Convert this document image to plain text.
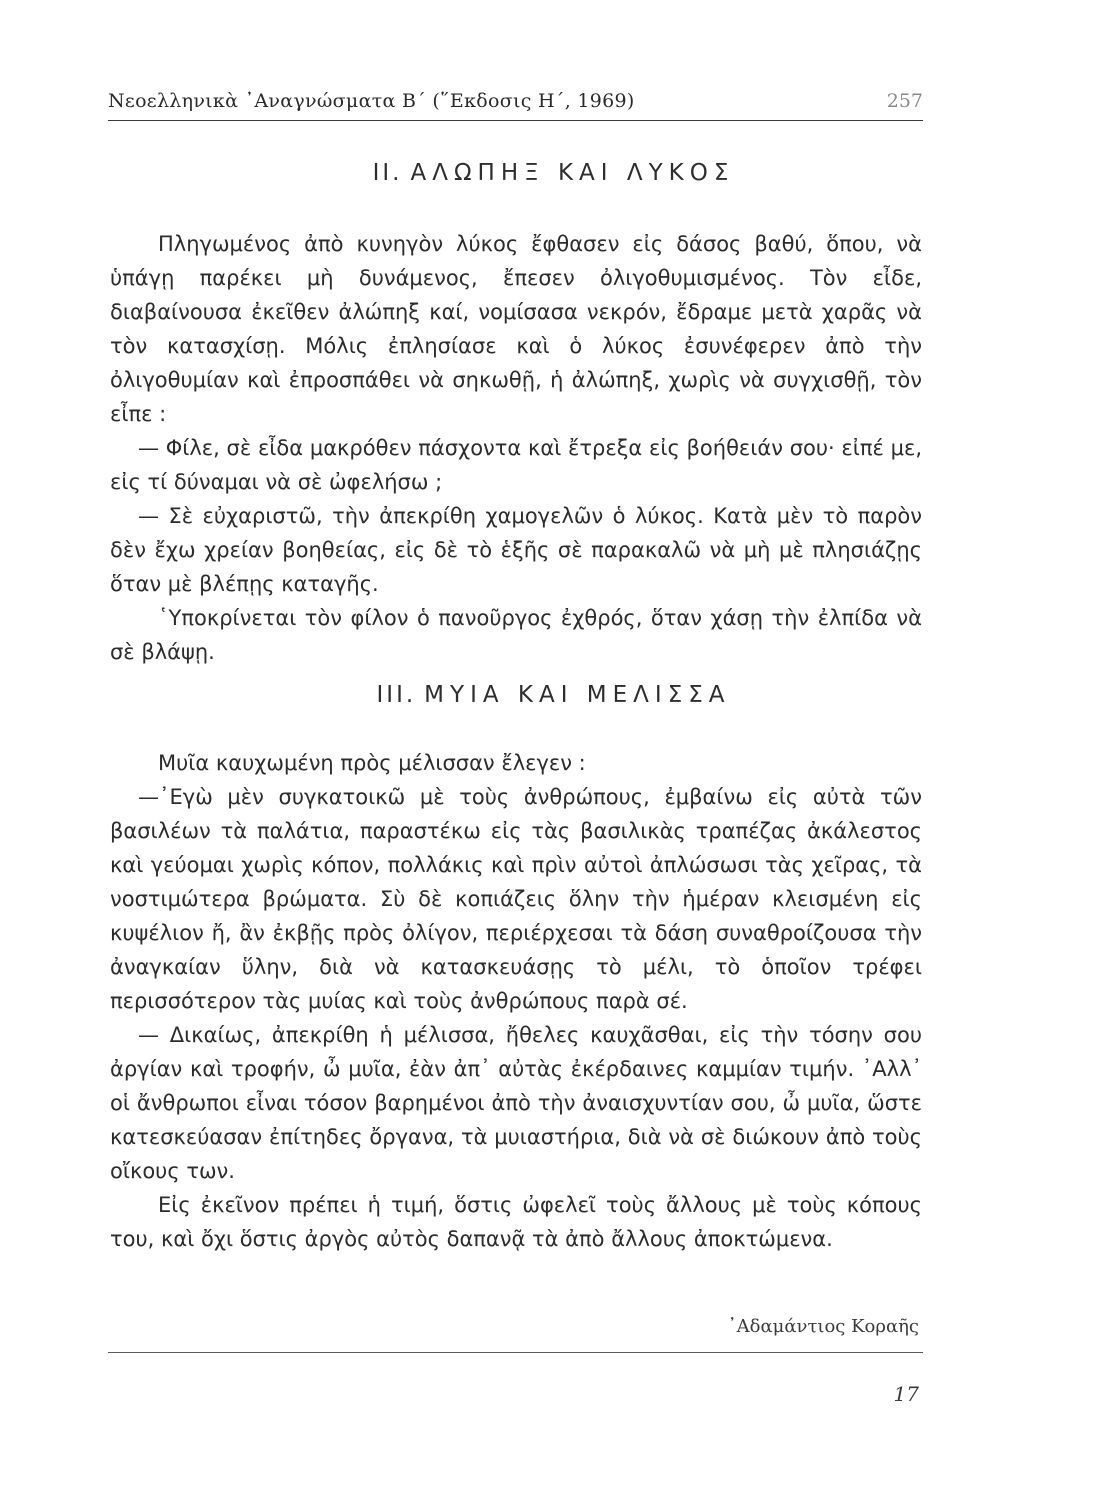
Νεοελληνικὰ ᾿Αναγνώσματα Β΄ (῞Εκδοσις Η΄, 1969)	257
II. ΑΛΩΠΗΞ ΚΑΙ ΛΥΚΟΣ

Πληγωμένος ἀπὸ κυνηγὸν λύκος ἔφθασεν εἰς δάσος βαθύ, ὅπου, νὰ ὑπάγῃ παρέκει μὴ δυνάμενος, ἔπεσεν ὀλιγοθυμισμένος. Τὸν εἶδε, διαβαίνουσα ἐκεῖθεν ἀλώπηξ καί, νομίσασα νεκρόν, ἔδραμε μετὰ χαρᾶς νὰ τὸν κατασχίσῃ. Μόλις ἐπλησίασε καὶ ὁ λύκος ἐσυνέφερεν ἀπὸ τὴν ὀλιγοθυμίαν καὶ ἐπροσπάθει νὰ σηκωθῇ, ἡ ἀλώπηξ, χωρὶς νὰ συγχισθῇ, τὸν εἶπε :

— Φίλε, σὲ εἶδα μακρόθεν πάσχοντα καὶ ἔτρεξα εἰς βοήθειάν σου· εἰπέ με, εἰς τί δύναμαι νὰ σὲ ὠφελήσω ;

— Σὲ εὐχαριστῶ, τὴν ἀπεκρίθη χαμογελῶν ὁ λύκος. Κατὰ μὲν τὸ παρὸν δὲν ἔχω χρείαν βοηθείας, εἰς δὲ τὸ ἑξῆς σὲ παρακαλῶ νὰ μὴ μὲ πλησιάζῃς ὅταν μὲ βλέπῃς καταγῆς.

῾Υποκρίνεται τὸν φίλον ὁ πανοῦργος ἐχθρός, ὅταν χάσῃ τὴν ἐλπίδα νὰ σὲ βλάψῃ.

III. ΜΥΙΑ ΚΑΙ ΜΕΛΙΣΣΑ

Μυῖα καυχωμένη πρὸς μέλισσαν ἔλεγεν :

—᾿Εγὼ μὲν συγκατοικῶ μὲ τοὺς ἀνθρώπους, ἐμβαίνω εἰς αὐτὰ τῶν βασιλέων τὰ παλάτια, παραστέκω εἰς τὰς βασιλικὰς τραπέζας ἀκάλεστος καὶ γεύομαι χωρὶς κόπον, πολλάκις καὶ πρὶν αὐτοὶ ἀπλώσωσι τὰς χεῖρας, τὰ νοστιμώτερα βρώματα. Σὺ δὲ κοπιάζεις ὅλην τὴν ἡμέραν κλεισμένη εἰς κυψέλιον ἤ, ἂν ἐκβῇς πρὸς ὀλίγον, περιέρχεσαι τὰ δάση συναθροίζουσα τὴν ἀναγκαίαν ὕλην, διὰ νὰ κατασκευάσῃς τὸ μέλι, τὸ ὁποῖον τρέφει περισσότερον τὰς μυίας καὶ τοὺς ἀνθρώπους παρὰ σέ.

— Δικαίως, ἀπεκρίθη ἡ μέλισσα, ἤθελες καυχᾶσθαι, εἰς τὴν τόσην σου ἀργίαν καὶ τροφήν, ὦ μυῖα, ἐὰν ἀπ᾿ αὐτὰς ἐκέρδαινες καμμίαν τιμήν. ᾿Αλλ᾿ οἱ ἄνθρωποι εἶναι τόσον βαρημένοι ἀπὸ τὴν ἀναισχυντίαν σου, ὦ μυῖα, ὥστε κατεσκεύασαν ἐπίτηδες ὄργανα, τὰ μυιαστήρια, διὰ νὰ σὲ διώκουν ἀπὸ τοὺς οἴκους των.

Εἰς ἐκεῖνον πρέπει ἡ τιμή, ὅστις ὠφελεῖ τοὺς ἄλλους μὲ τοὺς κόπους του, καὶ ὄχι ὅστις ἀργὸς αὐτὸς δαπανᾷ τὰ ἀπὸ ἄλλους ἀποκτώμενα.

᾿Αδαμάντιος Κοραῆς
17
